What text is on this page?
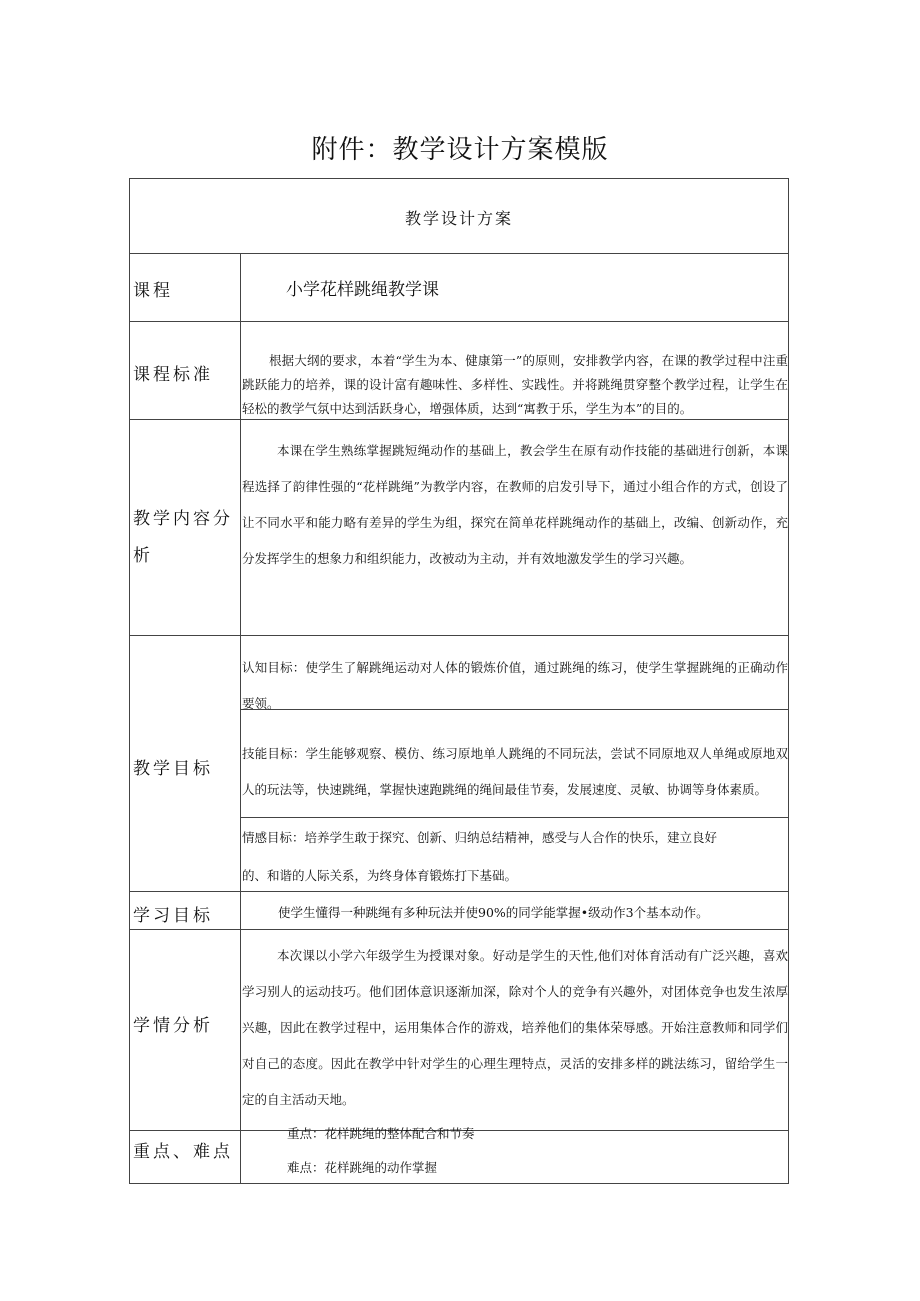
附件：教学设计方案模版
教学设计方案
课程	小学花样跳绳教学课
课程标准
根据大纲的要求，本着“学生为本、健康第一”的原则，安排教学内容，在课的教学过程中注重跳跃能力的培养，课的设计富有趣味性、多样性、实践性。并将跳绳贯穿整个教学过程，让学生在轻松的教学气氛中达到活跃身心，增强体质，达到“寓教于乐，学生为本”的目的。
教学内容分
析
本课在学生熟练掌握跳短绳动作的基础上，教会学生在原有动作技能的基础进行创新，本课程选择了韵律性强的“花样跳绳”为教学内容，在教师的启发引导下，通过小组合作的方式，创设了让不同水平和能力略有差异的学生为组，探究在简单花样跳绳动作的基础上，改编、创新动作，充分发挥学生的想象力和组织能力，改被动为主动，并有效地激发学生的学习兴趣。
教学目标
认知目标：使学生了解跳绳运动对人体的锻炼价值，通过跳绳的练习，使学生掌握跳绳的正确动作要领。
技能目标：学生能够观察、模仿、练习原地单人跳绳的不同玩法，尝试不同原地双人单绳或原地双人的玩法等，快速跳绳，掌握快速跑跳绳的绳间最佳节奏，发展速度、灵敏、协调等身体素质。
情感目标：培养学生敢于探究、创新、归纳总结精神，感受与人合作的快乐，建立良好
的、和谐的人际关系，为终身体育锻炼打下基础。
学习目标	使学生懂得一种跳绳有多种玩法并使90%的同学能掌握•级动作3个基本动作。
学情分析
本次课以小学六年级学生为授课对象。好动是学生的天性,他们对体育活动有广泛兴趣，喜欢学习别人的运动技巧。他们团体意识逐渐加深，除对个人的竞争有兴趣外，对团体竞争也发生浓厚兴趣，因此在教学过程中，运用集体合作的游戏，培养他们的集体荣辱感。开始注意教师和同学们对自己的态度。因此在教学中针对学生的心理生理特点，灵活的安排多样的跳法练习，留给学生一定的自主活动天地。
重点、难点
重点：花样跳绳的整体配合和节奏
难点：花样跳绳的动作掌握
